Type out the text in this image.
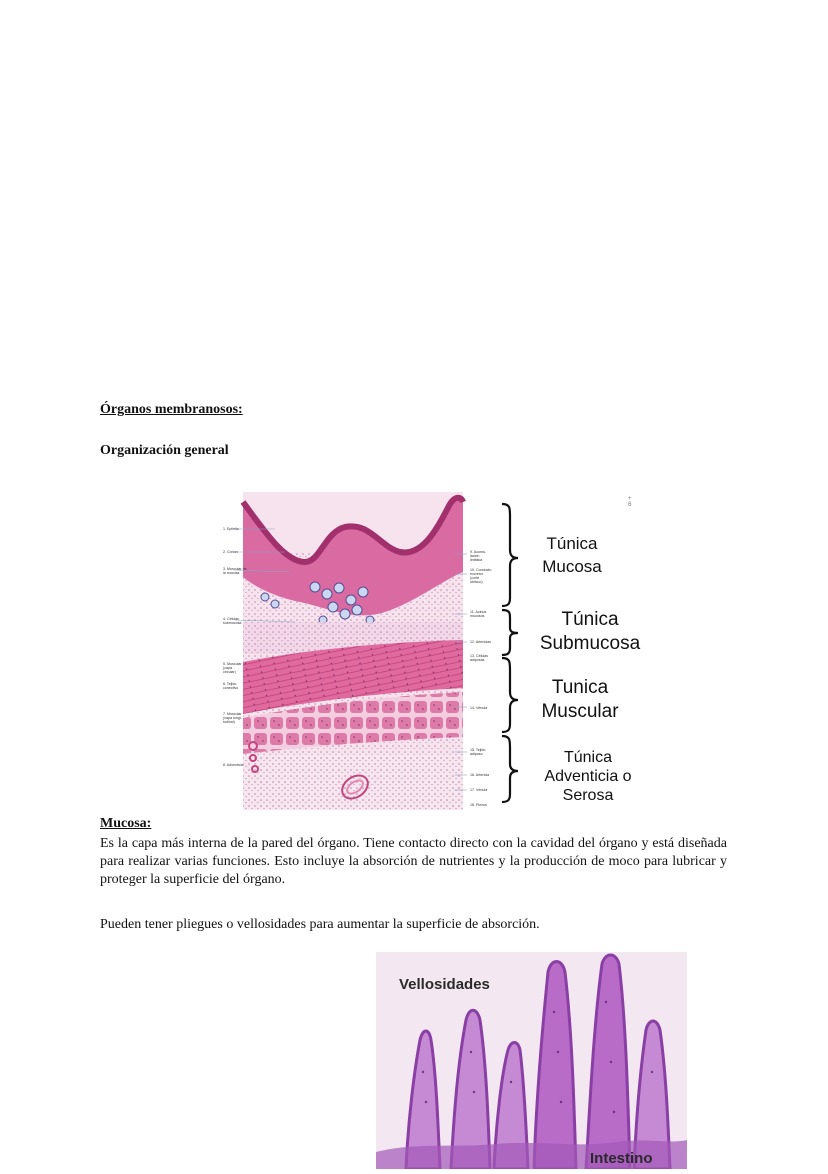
Órganos membranosos:
Organización general
1. Epitelio
2. Corion
3. Muscular de
la mucosa
4. Células
submucosa
5. Muscular
(capa
circular)
6. Tejido
conectivo
7. Muscular
(capa longi-
tudinal)
8. Adventicia
9. Acumu-
lación
linfática
10. Conducto
excretor
(corte
oblicuo)
11. Acinos
mucosos
12. Arteriolas
13. Células
adiposas
14. Vénula
15. Tejido
adiposo
16. Arteriola
17. Vénula
18. Plexos
+
6
Túnica
Mucosa
Túnica
Submucosa
Tunica
Muscular
Túnica
Adventicia o
Serosa
Mucosa:
Es la capa más interna de la pared del órgano. Tiene contacto directo con la cavidad del órgano y está diseñada para realizar varias funciones. Esto incluye la absorción de nutrientes y la producción de moco para lubricar y proteger la superficie del órgano.
Pueden tener pliegues o vellosidades para aumentar la superficie de absorción.
Vellosidades
Intestino
